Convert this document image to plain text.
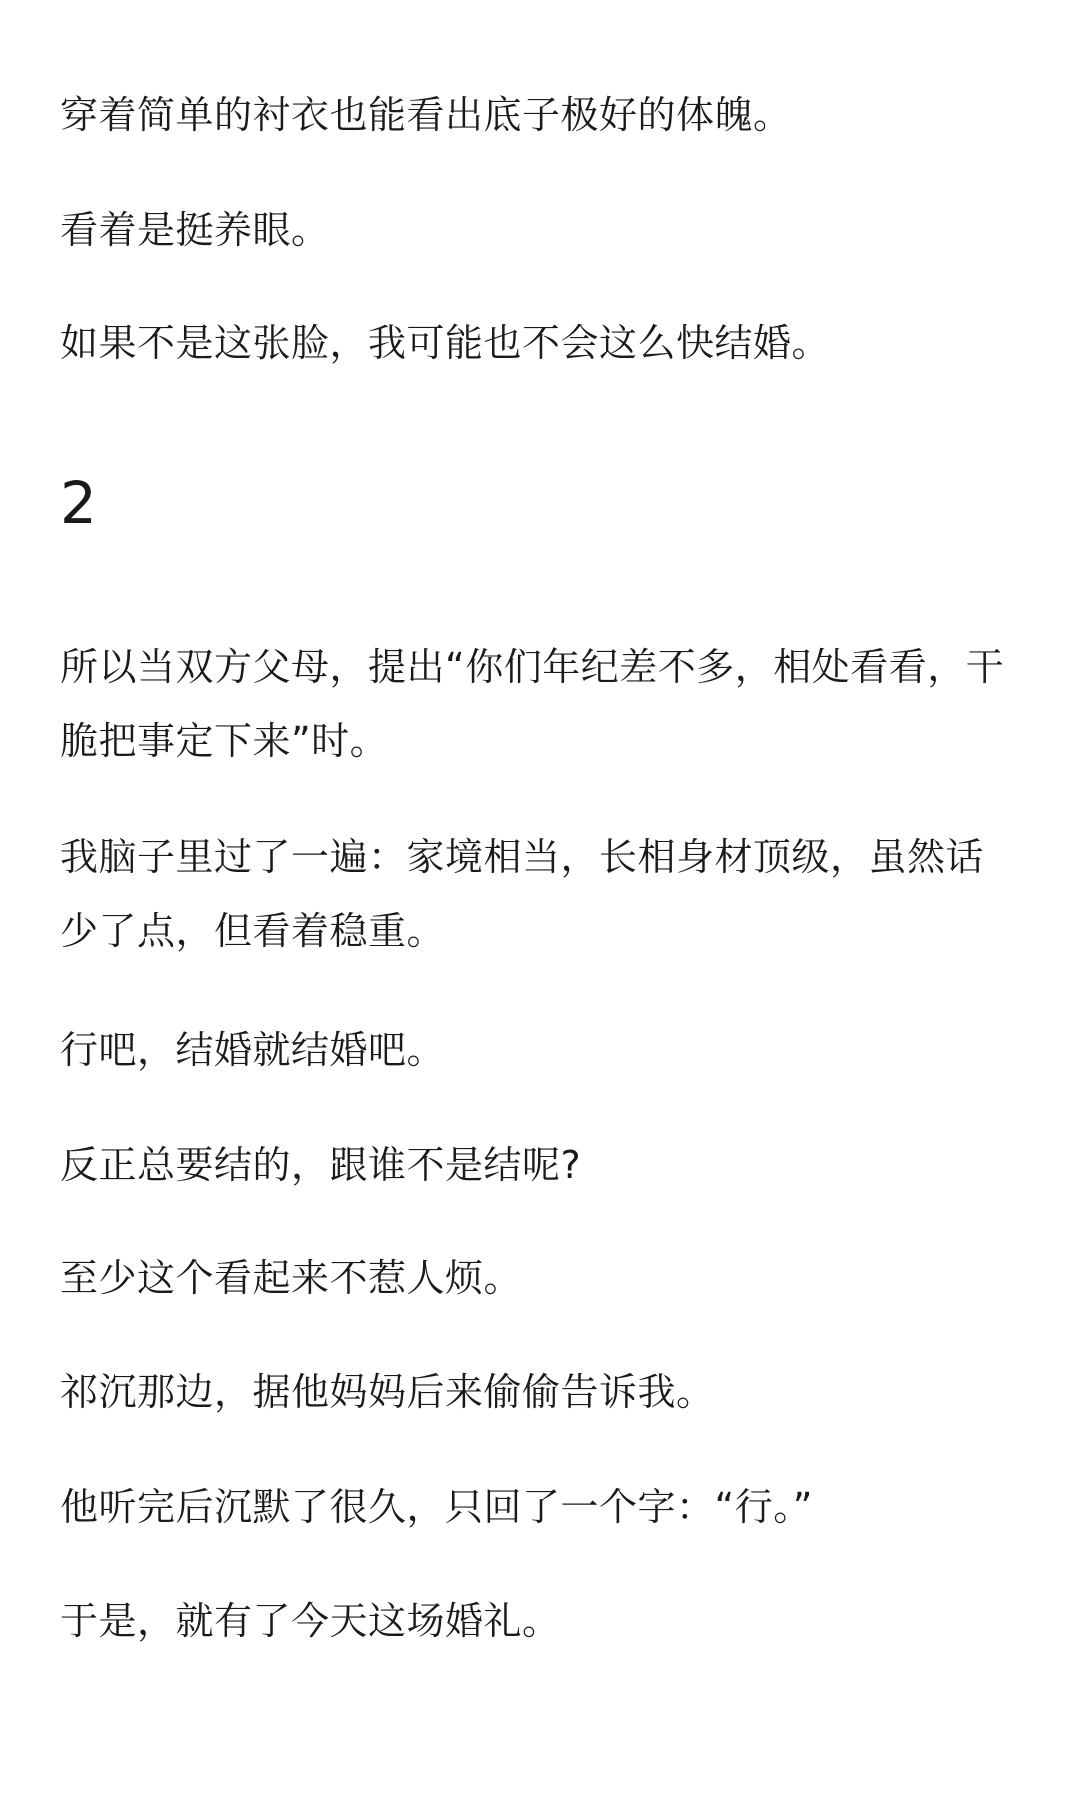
穿着简单的衬衣也能看出底子极好的体魄。

看着是挺养眼。

如果不是这张脸，我可能也不会这么快结婚。

2

所以当双方父母，提出“你们年纪差不多，相处看看，干脆把事定下来”时。

我脑子里过了一遍：家境相当，长相身材顶级，虽然话少了点，但看着稳重。

行吧，结婚就结婚吧。

反正总要结的，跟谁不是结呢?

至少这个看起来不惹人烦。

祁沉那边，据他妈妈后来偷偷告诉我。

他听完后沉默了很久，只回了一个字：“行。”

于是，就有了今天这场婚礼。
